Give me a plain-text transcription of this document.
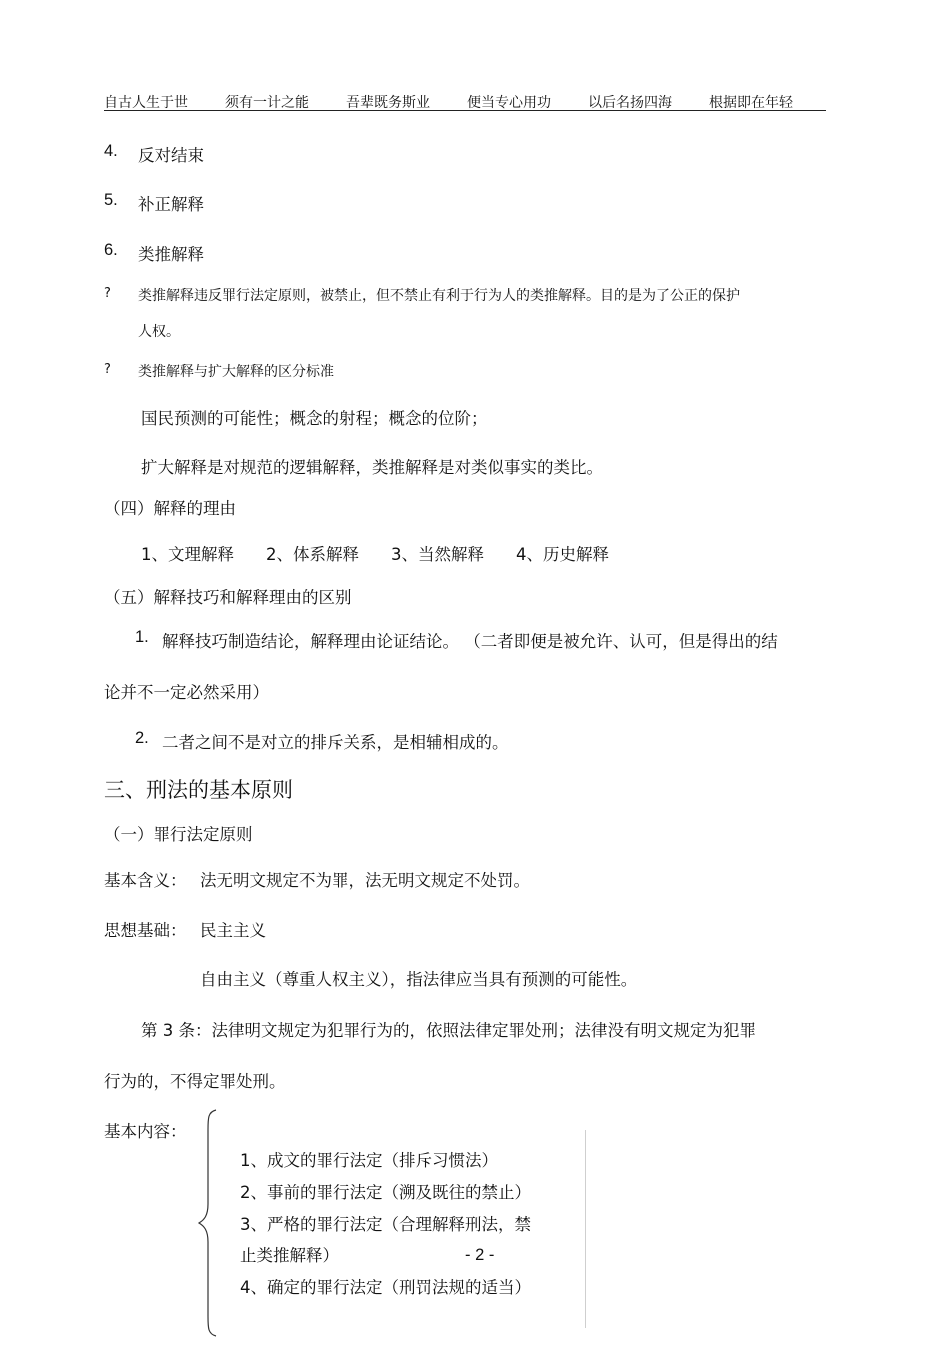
自古人生于世	须有一计之能	吾辈既务斯业	便当专心用功	以后名扬四海	根据即在年轻
4. 反对结束
5. 补正解释
6. 类推解释
? 类推解释违反罪行法定原则，被禁止，但不禁止有利于行为人的类推解释。目的是为了公正的保护
人权。
? 类推解释与扩大解释的区分标准
国民预测的可能性；概念的射程；概念的位阶；
扩大解释是对规范的逻辑解释，类推解释是对类似事实的类比。
（四）解释的理由
1、文理解释 2、体系解释 3、当然解释 4、历史解释
（五）解释技巧和解释理由的区别
1. 解释技巧制造结论，解释理由论证结论。 （二者即便是被允许、认可，但是得出的结
论并不一定必然采用）
2. 二者之间不是对立的排斥关系，是相辅相成的。
三、刑法的基本原则
（一）罪行法定原则
基本含义： 法无明文规定不为罪，法无明文规定不处罚。
思想基础： 民主主义
自由主义（尊重人权主义），指法律应当具有预测的可能性。
第 3 条：法律明文规定为犯罪行为的，依照法律定罪处刑；法律没有明文规定为犯罪
行为的，不得定罪处刑。
基本内容：
1、成文的罪行法定（排斥习惯法）
2、事前的罪行法定（溯及既往的禁止）
3、严格的罪行法定（合理解释刑法，禁
止类推解释）
4、确定的罪行法定（刑罚法规的适当）
- 2 -
